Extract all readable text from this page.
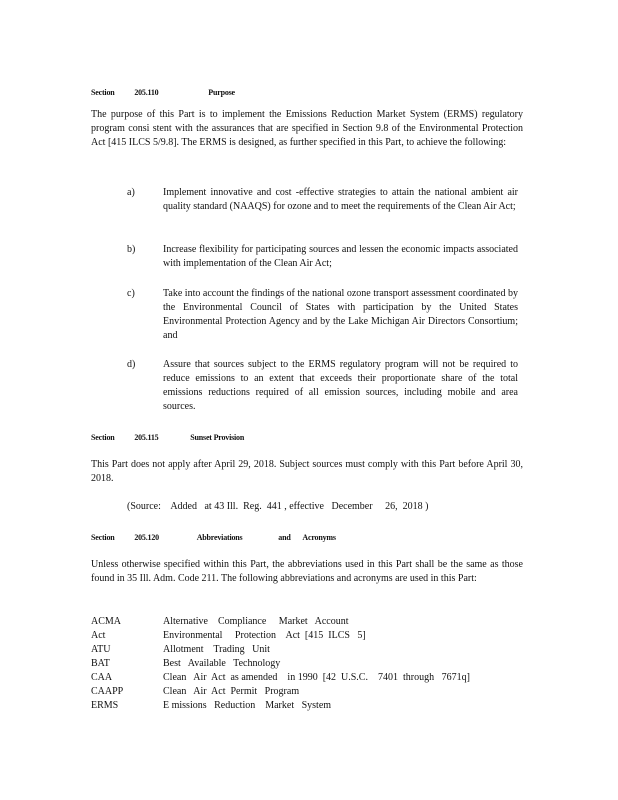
Section 205.110	Purpose

The purpose of this Part is to implement the Emissions Reduction Market System (ERMS) regulatory program consi stent with the assurances that are specified in Section 9.8 of the Environmental Protection Act [415 ILCS 5/9.8]. The ERMS is designed, as further specified in this Part, to achieve the following:

a)	Implement innovative and cost -effective strategies to attain the national ambient air quality standard (NAAQS) for ozone and to meet the requirements of the Clean Air Act;
b)	Increase flexibility for participating sources and lessen the economic impacts associated with implementation of the Clean Air Act;
c)	Take into account the findings of the national ozone transport assessment coordinated by the Environmental Council of States with participation by the United States Environmental Protection Agency and by the Lake Michigan Air Directors Consortium; and
d)	Assure that sources subject to the ERMS regulatory program will not be required to reduce emissions to an extent that exceeds their proportionate share of the total emissions reductions required of all emission sources, including mobile and area sources.
Section 205.115	Sunset Provision

This Part does not apply after April 29, 2018. Subject sources must comply with this Part before April 30, 2018.

(Source:    Added   at 43 Ill.  Reg.  441 , effective   December     26,  2018 )
Section 205.120	Abbreviations	and Acronyms

Unless otherwise specified within this Part, the abbreviations used in this Part shall be the same as those found in 35 Ill. Adm. Code 211. The following abbreviations and acronyms are used in this Part:

ACMA	Alternative    Compliance     Market   Account
Act	Environmental     Protection    Act  [415  ILCS   5]
ATU	Allotment    Trading   Unit
BAT	Best   Available   Technology
CAA	Clean   Air  Act  as amended    in 1990  [42  U.S.C.    7401  through   7671q]
CAAPP	Clean   Air  Act  Permit   Program
ERMS	E missions   Reduction    Market   System
